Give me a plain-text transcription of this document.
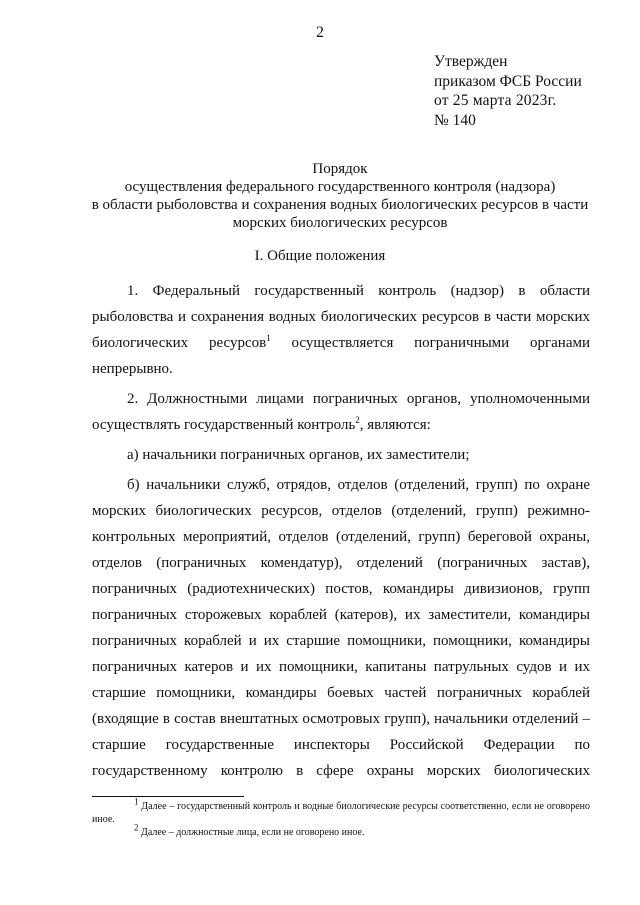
2
Утвержден
приказом ФСБ России
от 25 марта 2023г.
№ 140
Порядок
осуществления федерального государственного контроля (надзора)
в области рыболовства и сохранения водных биологических ресурсов в части
морских биологических ресурсов
I. Общие положения

1. Федеральный государственный контроль (надзор) в области рыболовства и сохранения водных биологических ресурсов в части морских биологических ресурсов$^1$ осуществляется пограничными органами непрерывно.

2. Должностными лицами пограничных органов, уполномоченными осуществлять государственный контроль$^2$, являются:

а) начальники пограничных органов, их заместители;

б) начальники служб, отрядов, отделов (отделений, групп) по охране морских биологических ресурсов, отделов (отделений, групп) режимно-контрольных мероприятий, отделов (отделений, групп) береговой охраны, отделов (пограничных комендатур), отделений (пограничных застав), пограничных (радиотехнических) постов, командиры дивизионов, групп пограничных сторожевых кораблей (катеров), их заместители, командиры пограничных кораблей и их старшие помощники, помощники, командиры пограничных катеров и их помощники, капитаны патрульных судов и их старшие помощники, командиры боевых частей пограничных кораблей (входящие в состав внештатных осмотровых групп), начальники отделений – старшие государственные инспекторы Российской Федерации по государственному контролю в сфере охраны морских биологических

$^1$ Далее – государственный контроль и водные биологические ресурсы соответственно, если не оговорено иное.

$^2$ Далее – должностные лица, если не оговорено иное.
